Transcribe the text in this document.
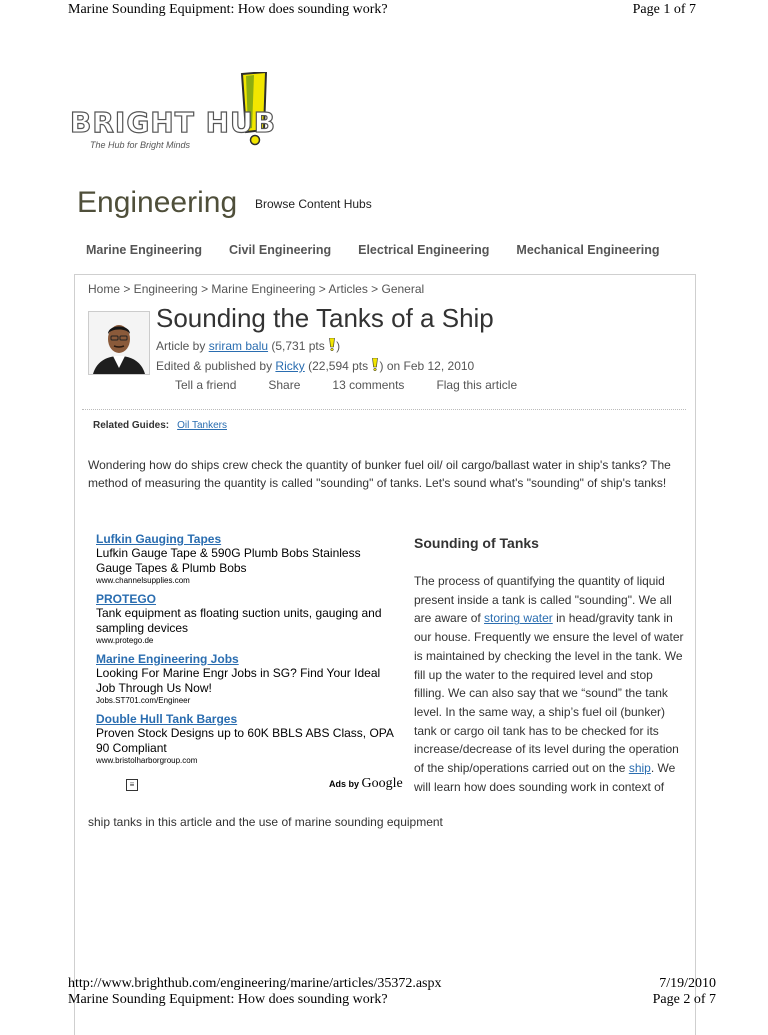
Marine Sounding Equipment: How does sounding work?	Page 1 of 7
BRIGHT HUB
The Hub for Bright Minds
Engineering Browse Content Hubs
Marine Engineering Civil Engineering Electrical Engineering Mechanical Engineering
Home > Engineering > Marine Engineering > Articles > General
Sounding the Tanks of a Ship
Article by sriram balu (5,731 pts )
Edited & published by Ricky (22,594 pts ) on Feb 12, 2010
Tell a friend	Share	13 comments	Flag this article
Related Guides: Oil Tankers
Wondering how do ships crew check the quantity of bunker fuel oil/ oil cargo/ballast water in ship's tanks? The method of measuring the quantity is called "sounding" of tanks. Let's sound what's "sounding" of ship's tanks!
Lufkin Gauging Tapes
Lufkin Gauge Tape & 590G Plumb Bobs Stainless Gauge Tapes & Plumb Bobs
www.channelsupplies.com
PROTEGO
Tank equipment as floating suction units, gauging and sampling devices
www.protego.de
Marine Engineering Jobs
Looking For Marine Engr Jobs in SG? Find Your Ideal Job Through Us Now!
Jobs.ST701.com/Engineer
Double Hull Tank Barges
Proven Stock Designs up to 60K BBLS ABS Class, OPA 90 Compliant
www.bristolharborgroup.com
≡	Ads by Google
Sounding of Tanks
The process of quantifying the quantity of liquid present inside a tank is called "sounding". We all are aware of storing water in head/gravity tank in our house. Frequently we ensure the level of water is maintained by checking the level in the tank. We fill up the water to the required level and stop filling. We can also say that we “sound” the tank level. In the same way, a ship’s fuel oil (bunker) tank or cargo oil tank has to be checked for its increase/decrease of its level during the operation of the ship/operations carried out on the ship. We will learn how does sounding work in context of
ship tanks in this article and the use of marine sounding equipment
http://www.brighthub.com/engineering/marine/articles/35372.aspx	7/19/2010
Marine Sounding Equipment: How does sounding work?	Page 2 of 7
